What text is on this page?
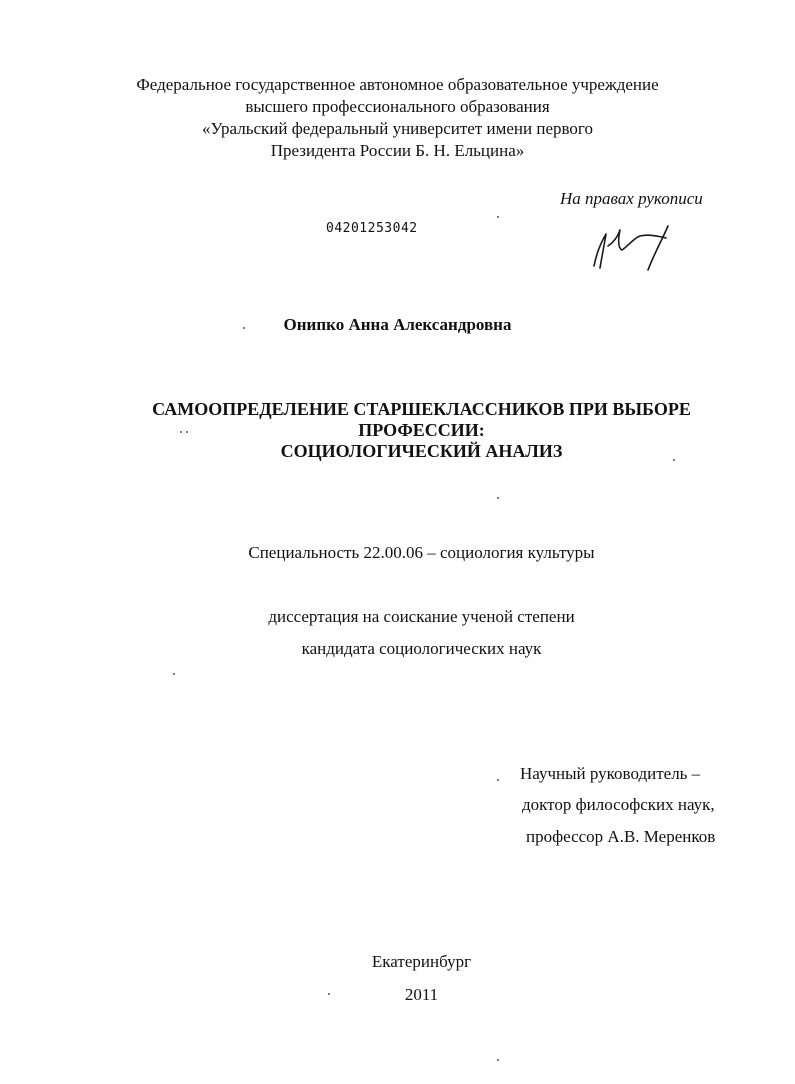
Федеральное государственное автономное образовательное учреждение
высшего профессионального образования
«Уральский федеральный университет имени первого
Президента России Б. Н. Ельцина»
На правах рукописи
04201253042
Онипко Анна Александровна
САМООПРЕДЕЛЕНИЕ СТАРШЕКЛАССНИКОВ ПРИ ВЫБОРЕ
ПРОФЕССИИ:
СОЦИОЛОГИЧЕСКИЙ АНАЛИЗ
Специальность 22.00.06 – социология культуры
диссертация на соискание ученой степени
кандидата социологических наук
Научный руководитель –
доктор философских наук,
профессор А.В. Меренков
Екатеринбург
2011
